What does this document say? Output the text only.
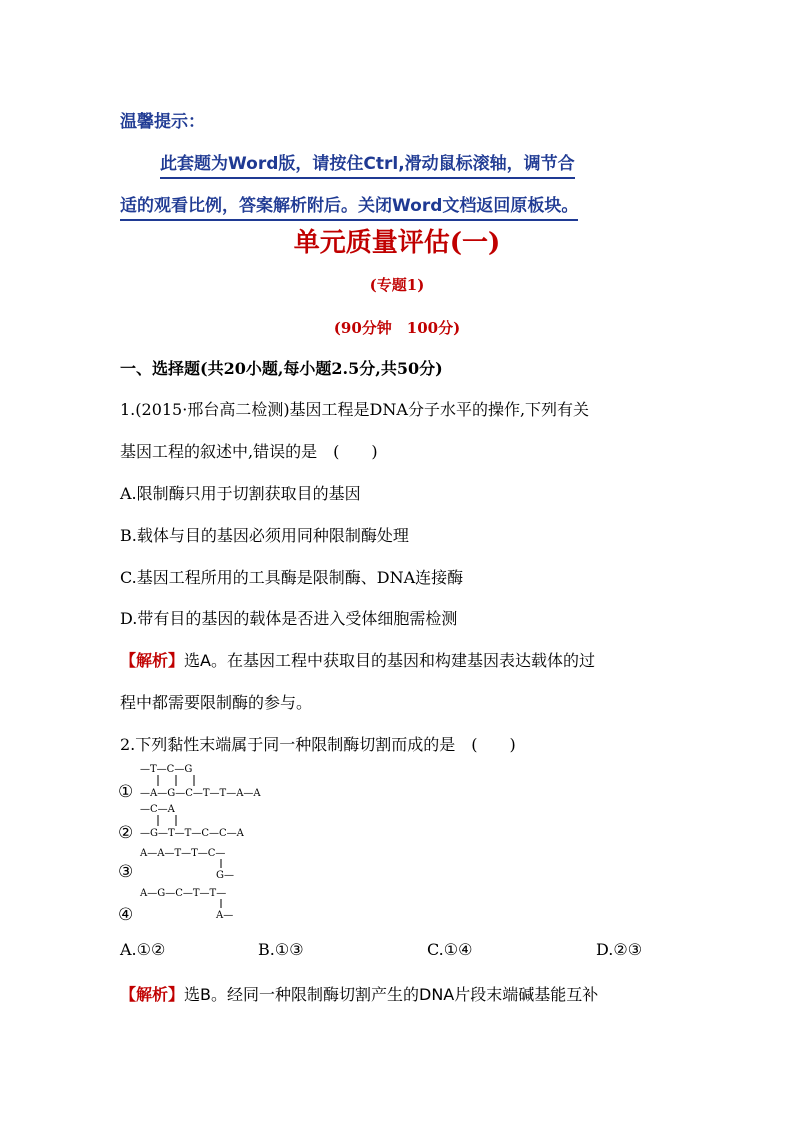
温馨提示：
此套题为Word版，请按住Ctrl,滑动鼠标滚轴，调节合
适的观看比例，答案解析附后。关闭Word文档返回原板块。
单元质量评估(一)
(专题1)
(90分钟　100分)
一、选择题(共20小题,每小题2.5分,共50分)
1.(2015·邢台高二检测)基因工程是DNA分子水平的操作,下列有关
基因工程的叙述中,错误的是　(　　)
A.限制酶只用于切割获取目的基因
B.载体与目的基因必须用同种限制酶处理
C.基因工程所用的工具酶是限制酶、DNA连接酶
D.带有目的基因的载体是否进入受体细胞需检测
【解析】选A。在基因工程中获取目的基因和构建基因表达载体的过
程中都需要限制酶的参与。
2.下列黏性末端属于同一种限制酶切割而成的是　(　　)
①
②
③
④
—T—C—G
—A—G—C—T—T—A—A
—C—A
—G—T—T—C—C—A
A—A—T—T—C—
G—
A—G—C—T—T—
A—
A.①②	B.①③	C.①④	D.②③
【解析】选B。经同一种限制酶切割产生的DNA片段末端碱基能互补
